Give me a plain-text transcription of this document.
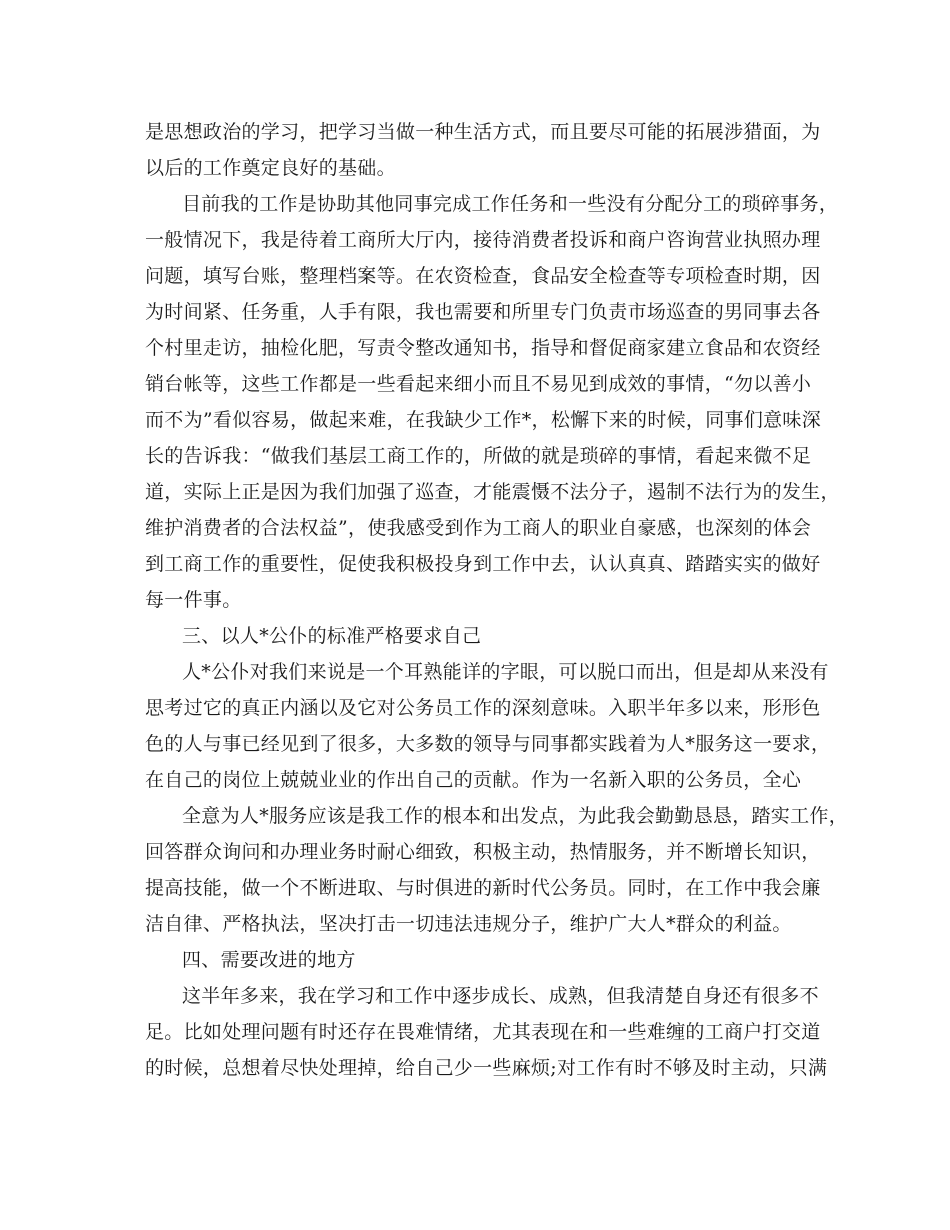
是思想政治的学习，把学习当做一种生活方式，而且要尽可能的拓展涉猎面，为
以后的工作奠定良好的基础。
目前我的工作是协助其他同事完成工作任务和一些没有分配分工的琐碎事务，
一般情况下，我是待着工商所大厅内，接待消费者投诉和商户咨询营业执照办理
问题，填写台账，整理档案等。在农资检查，食品安全检查等专项检查时期，因
为时间紧、任务重，人手有限，我也需要和所里专门负责市场巡查的男同事去各
个村里走访，抽检化肥，写责令整改通知书，指导和督促商家建立食品和农资经
销台帐等，这些工作都是一些看起来细小而且不易见到成效的事情，“勿以善小
而不为”看似容易，做起来难，在我缺少工作*，松懈下来的时候，同事们意味深
长的告诉我：“做我们基层工商工作的，所做的就是琐碎的事情，看起来微不足
道，实际上正是因为我们加强了巡查，才能震慑不法分子，遏制不法行为的发生，
维护消费者的合法权益”，使我感受到作为工商人的职业自豪感，也深刻的体会
到工商工作的重要性，促使我积极投身到工作中去，认认真真、踏踏实实的做好
每一件事。
三、以人*公仆的标准严格要求自己
人*公仆对我们来说是一个耳熟能详的字眼，可以脱口而出，但是却从来没有
思考过它的真正内涵以及它对公务员工作的深刻意味。入职半年多以来，形形色
色的人与事已经见到了很多，大多数的领导与同事都实践着为人*服务这一要求，
在自己的岗位上兢兢业业的作出自己的贡献。作为一名新入职的公务员，全心
全意为人*服务应该是我工作的根本和出发点，为此我会勤勤恳恳，踏实工作，
回答群众询问和办理业务时耐心细致，积极主动，热情服务，并不断增长知识，
提高技能，做一个不断进取、与时俱进的新时代公务员。同时，在工作中我会廉
洁自律、严格执法，坚决打击一切违法违规分子，维护广大人*群众的利益。
四、需要改进的地方
这半年多来，我在学习和工作中逐步成长、成熟，但我清楚自身还有很多不
足。比如处理问题有时还存在畏难情绪，尤其表现在和一些难缠的工商户打交道
的时候，总想着尽快处理掉，给自己少一些麻烦;对工作有时不够及时主动，只满
